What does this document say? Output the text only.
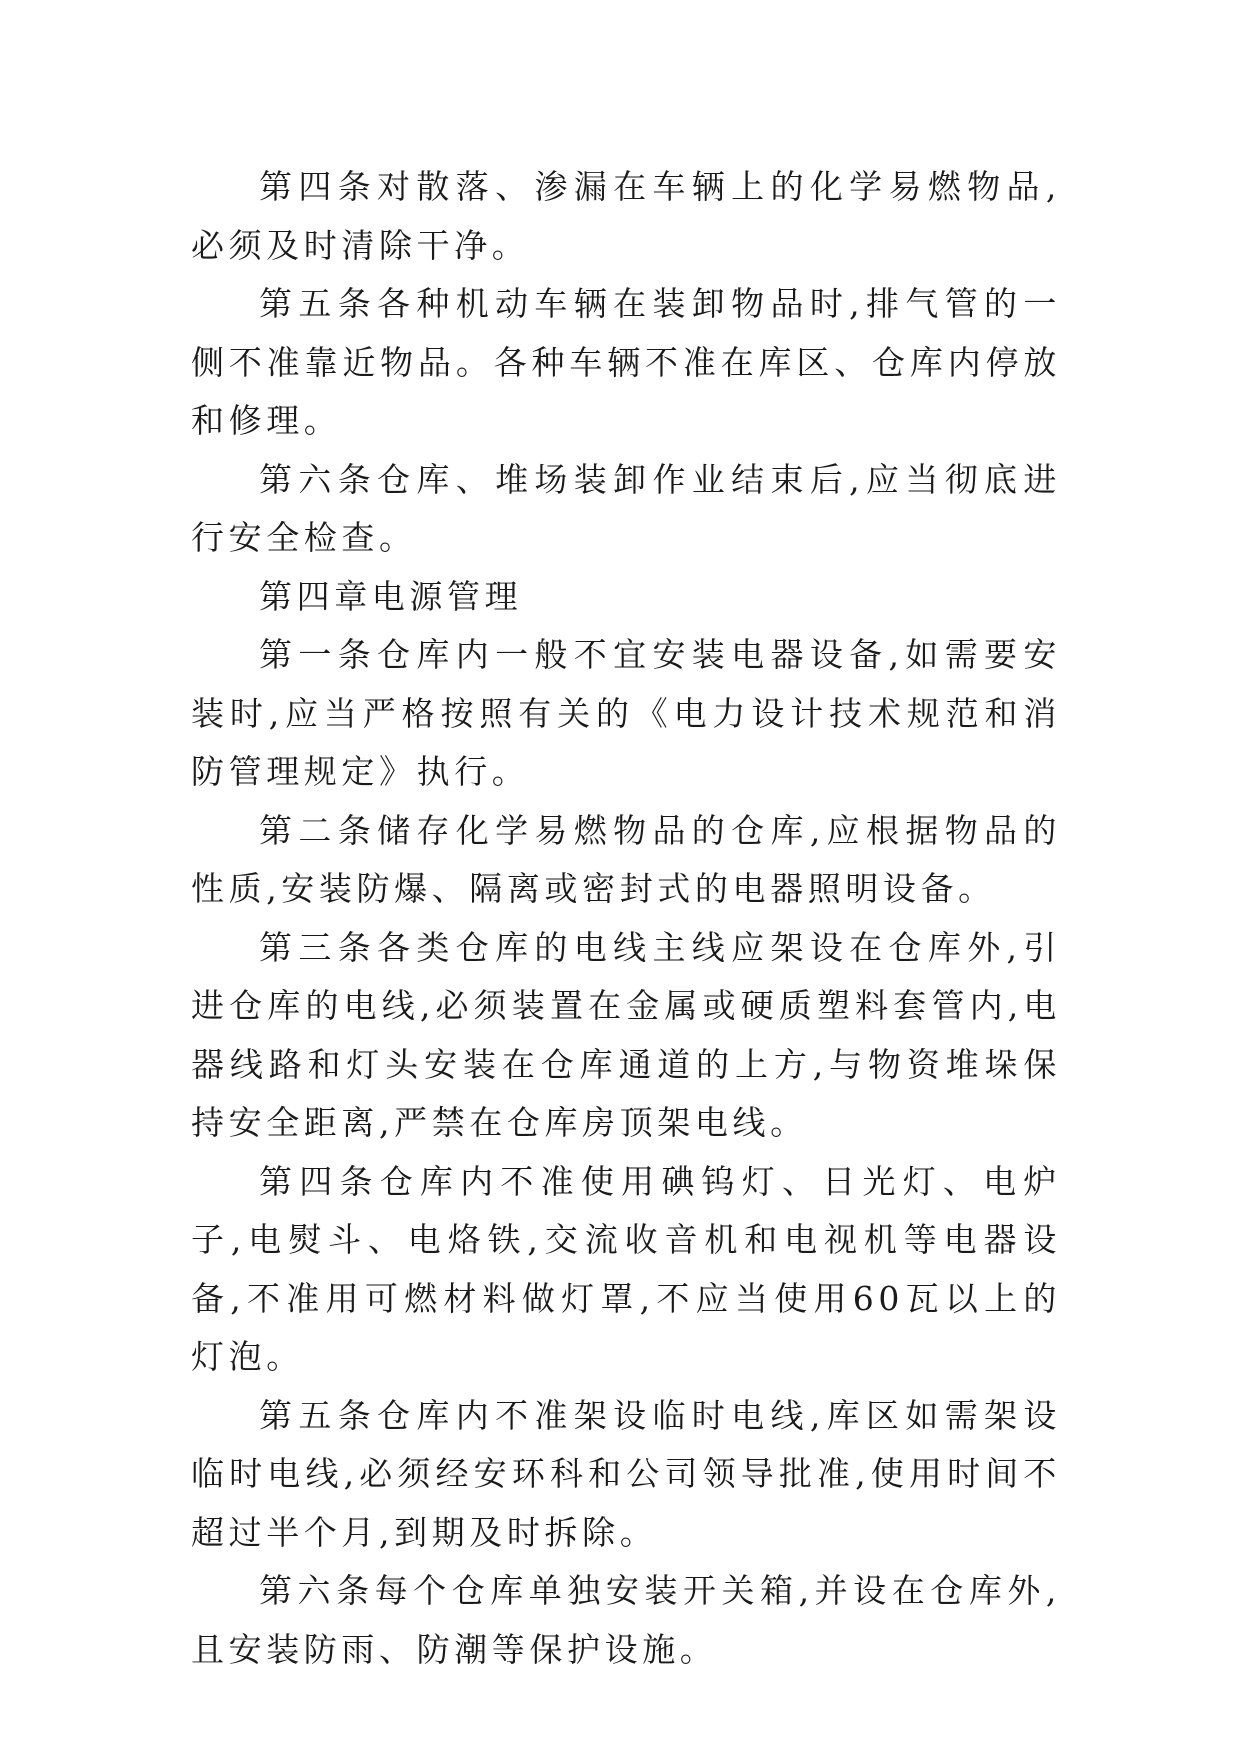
第四条对散落、渗漏在车辆上的化学易燃物品,必须及时清除干净。

第五条各种机动车辆在装卸物品时,排气管的一侧不准靠近物品。各种车辆不准在库区、仓库内停放和修理。

第六条仓库、堆场装卸作业结束后,应当彻底进行安全检查。

第四章电源管理

第一条仓库内一般不宜安装电器设备,如需要安装时,应当严格按照有关的《电力设计技术规范和消防管理规定》执行。

第二条储存化学易燃物品的仓库,应根据物品的性质,安装防爆、隔离或密封式的电器照明设备。

第三条各类仓库的电线主线应架设在仓库外,引进仓库的电线,必须装置在金属或硬质塑料套管内,电器线路和灯头安装在仓库通道的上方,与物资堆垛保持安全距离,严禁在仓库房顶架电线。

第四条仓库内不准使用碘钨灯、日光灯、电炉子,电熨斗、电烙铁,交流收音机和电视机等电器设备,不准用可燃材料做灯罩,不应当使用60瓦以上的灯泡。

第五条仓库内不准架设临时电线,库区如需架设临时电线,必须经安环科和公司领导批准,使用时间不超过半个月,到期及时拆除。

第六条每个仓库单独安装开关箱,并设在仓库外,且安装防雨、防潮等保护设施。
